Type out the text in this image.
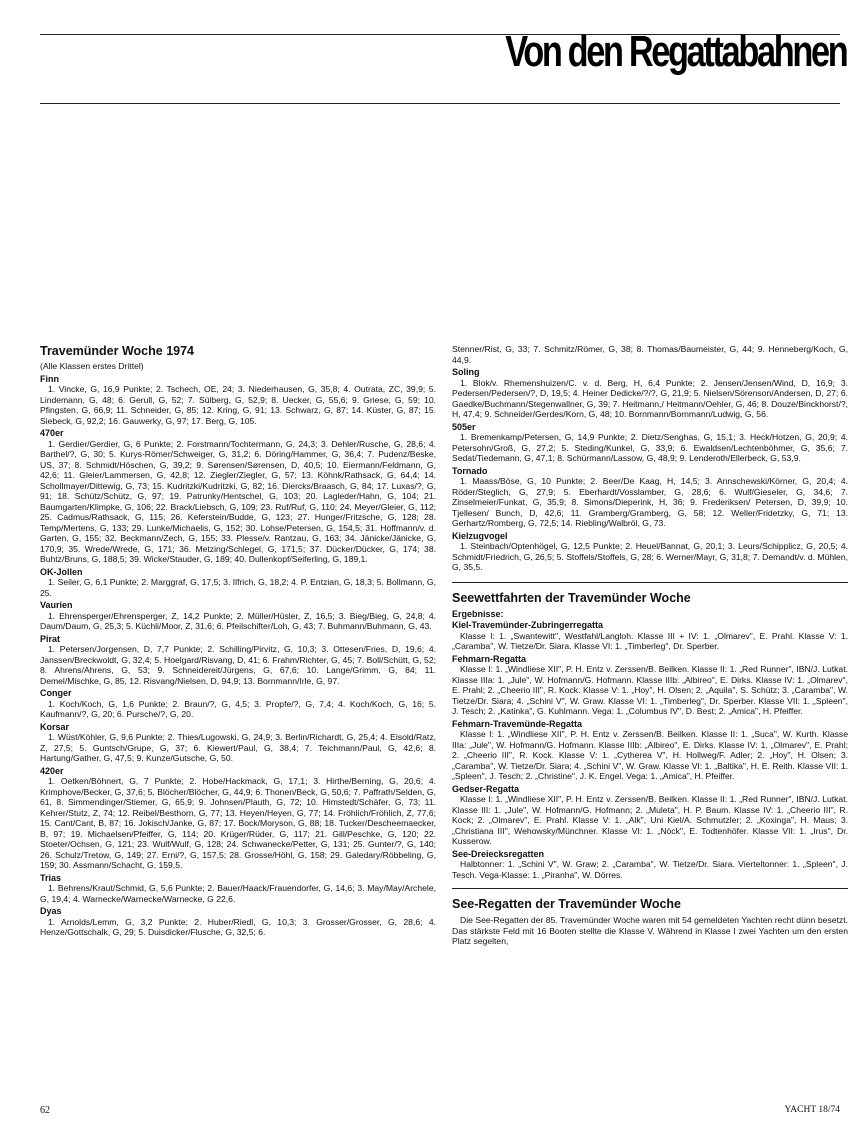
Von den Regattabahnen
Travemünder Woche 1974
(Alle Klassen erstes Drittel)
Finn
1. Vincke, G, 16,9 Punkte; 2. Tschech, OE, 24; 3. Niederhausen, G, 35,8; 4. Outrata, ZC, 39,9; 5. Lindemann, G, 48; 6. Gerull, G, 52; 7. Sülberg, G, 52,9; 8. Uecker, G, 55,6; 9. Griese, G, 59; 10. Pfingsten, G, 66,9; 11. Schneider, G, 85; 12. Kring, G, 91; 13. Schwarz, G, 87; 14. Küster, G, 87; 15. Siebeck, G, 92,2; 16. Gauwerky, G, 97; 17. Berg, G, 105.
470er
1. Gerdier/Gerdier, G, 6 Punkte; 2. Forstmann/Tochtermann, G, 24,3; 3. Dehler/Rusche, G, 28,6; 4. Barthel/?, G, 30; 5. Kurys-Römer/Schweiger, G, 31,2; 6. Döring/Hammer, G, 36,4; 7. Pudenz/Beske, US, 37; 8. Schmidt/Höschen, G, 39,2; 9. Sørensen/Sørensen, D, 40,5; 10. Eiermann/Feldmann, G, 42,6; 11. Gleier/Lammersen, G, 42,8; 12. Ziegler/Ziegler, G, 57; 13. Köhnk/Rathsack, G, 64,4; 14. Schollmayer/Dittewig, G, 73; 15. Kudritzki/Kudritzki, G, 82; 16. Diercks/Braasch, G, 84; 17. Luxas/?, G, 91; 18. Schütz/Schütz, G, 97; 19. Patrunky/Hentschel, G, 103; 20. Lagleder/Hahn, G, 104; 21. Baumgarten/Klimpke, G, 106; 22. Brack/Liebsch, G, 109; 23. Ruf/Ruf, G, 110; 24. Meyer/Gleier, G, 112; 25. Cadmus/Rathsack, G, 115; 26. Keferstein/Budde, G, 123; 27. Hunger/Fritzsche, G, 128; 28. Temp/Mertens, G, 133; 29. Lunke/Michaelis, G, 152; 30. Lohse/Petersen, G, 154,5; 31. Hoffmann/v. d. Garten, G, 155; 32. Beckmann/Zech, G, 155; 33. Plesse/v. Rantzau, G, 163; 34. Jänicke/Jänicke, G, 170,9; 35. Wrede/Wrede, G, 171; 36. Metzing/Schlegel, G, 171,5; 37. Dücker/Dücker, G, 174; 38. Buhtz/Bruns, G, 188,5; 39. Wicke/Stauder, G, 189; 40. Dullenkopf/Seiferling, G, 189,1.
OK-Jollen
1. Seiler, G, 6,1 Punkte; 2. Marggraf, G, 17,5; 3. Ilfrich, G, 18,2; 4. P. Entzian, G, 18,3; 5. Bollmann, G, 25.
Vaurien
1. Ehrensperger/Ehrensperger, Z, 14,2 Punkte; 2. Müller/Hüsler, Z, 16,5; 3. Bieg/Bieg, G, 24,8; 4. Daum/Daum, G, 25,3; 5. Küchli/Moor, Z, 31,6; 6. Pfeilschifter/Loh, G, 43; 7. Buhmann/Buhmann, G, 43.
Pirat
1. Petersen/Jorgensen, D, 7,7 Punkte; 2. Schilling/Pirvitz, G, 10,3; 3. Ottesen/Fries, D, 19,6; 4. Janssen/Breckwoldt, G, 32,4; 5. Hoelgard/Risvang, D, 41; 6. Frahm/Richter, G, 45; 7. Boll/Schütt, G, 52; 8. Ahrens/Ahrens, G, 53; 9. Schneidereit/Jürgens, G, 67,6; 10. Lange/Grimm, G, 84; 11. Demel/Mischke, G, 85, 12. Risvang/Nielsen, D, 94,9; 13. Bornmann/Irle, G, 97.
Conger
1. Koch/Koch, G, 1,6 Punkte; 2. Braun/?, G, 4,5; 3. Propfe/?, G, 7,4; 4. Koch/Koch, G, 16; 5. Kaufmann/?, G, 20; 6. Pursche/?, G, 20.
Korsar
1. Wüst/Köhler, G, 9,6 Punkte; 2. Thies/Lugowski, G, 24,9; 3. Berlin/Richardt, G, 25,4; 4. Eisold/Ratz, Z, 27,5; 5. Guntsch/Grupe, G, 37; 6. Kiewert/Paul, G, 38,4; 7. Teichmann/Paul, G, 42,6; 8. Hartung/Gather, G, 47,5; 9. Kunze/Gutsche, G, 50.
420er
1. Oetken/Böhnert, G, 7 Punkte; 2. Hobe/Hackmack, G, 17,1; 3. Hirthe/Berning, G, 20,6; 4. Krimphove/Becker, G, 37,6; 5. Blöcher/Blöcher, G, 44,9; 6. Thonen/Beck, G, 50,6; 7. Paffrath/Selden, G, 61, 8. Simmendinger/Stiemer, G, 65,9; 9. Johnsen/Plauth, G, 72; 10. Himstedt/Schäfer, G, 73; 11. Kehrer/Stutz, Z, 74; 12. Reibel/Besthorn, G, 77; 13. Heyen/Heyen, G, 77; 14. Fröhlich/Fröhlich, Z, 77,6; 15. Cant/Cant, B, 87; 16. Jokisch/Janke, G, 87; 17. Bock/Moryson, G, 88; 18. Tucker/Descheemaecker, B, 97; 19. Michaelsen/Pfeiffer, G, 114; 20. Krüger/Rüder, G, 117; 21. Gill/Peschke, G, 120; 22. Stoeter/Ochsen, G, 121; 23. Wulf/Wulf, G, 128; 24. Schwanecke/Petter, G, 131; 25. Gunter/?, G, 140; 26. Schulz/Tretow, G, 149; 27. Erni/?, G, 157,5; 28. Grosse/Höhl, G, 158; 29. Galedary/Röbbeling, G, 159; 30. Assmann/Schacht, G, 159,5.
Trias
1. Behrens/Kraut/Schmid, G, 5,6 Punkte; 2. Bauer/Haack/Frauendorfer, G, 14,6; 3. May/May/Archele, G, 19,4; 4. Warnecke/Warnecke/Warnecke, G 22,6.
Dyas
1. Arnolds/Lemm, G, 3,2 Punkte; 2. Huber/Riedl, G, 10,3; 3. Grosser/Grosser, G, 28,6; 4. Henze/Gottschalk, G, 29; 5. Duisdicker/Flusche, G, 32,5; 6.
Stenner/Rist, G, 33; 7. Schmitz/Römer, G, 38; 8. Thomas/Baumeister, G, 44; 9. Henneberg/Koch, G, 44,9.
Soling
1. Blok/v. Rhemenshuizen/C. v. d. Berg, H, 6,4 Punkte; 2. Jensen/Jensen/Wind, D, 16,9; 3. Pedersen/Pedersen/?, D, 19,5; 4. Heiner Dedicke/?/?, G, 21,9; 5. Nielsen/Sörenson/Andersen, D, 27; 6. Gaedke/Buchmann/Stegenwallner, G, 39; 7. Heitmann,/ Heitmann/Oehler, G, 46; 8. Douze/Binckhorst/?, H, 47,4; 9. Schneider/Gerdes/Korn, G, 48; 10. Bornmann/Bornmann/Ludwig, G, 56.
505er
1. Bremenkamp/Petersen, G, 14,9 Punkte; 2. Dietz/Senghas, G, 15,1; 3. Heck/Hotzen, G, 20,9; 4. Petersohn/Groß, G, 27,2; 5. Steding/Kunkel, G, 33,9; 6. Ewaldsen/Lechtenböhmer, G, 35,6; 7. Sedat/Tiedemann, G, 47,1; 8. Schürmann/Lassow, G, 48,9; 9. Lenderoth/Ellerbeck, G, 53,9.
Tornado
1. Maass/Böse, G, 10 Punkte; 2. Beer/De Kaag, H, 14,5; 3. Annschewski/Körner, G, 20,4; 4. Röder/Steglich, G, 27,9; 5. Eberhardt/Vosslamber, G, 28,6; 6. Wulf/Gieseler, G, 34,6; 7. Zinselmeier/Funkat, G, 35,9; 8. Simons/Dieperink, H, 36; 9. Frederiksen/ Petersen, D, 39,9; 10. Tjellesen/ Bunch, D, 42,6; 11. Gramberg/Gramberg, G, 58; 12. Weller/Fridetzky, G, 71; 13. Gerhartz/Romberg, G, 72,5; 14. Riebling/Walbröl, G, 73.
Kielzugvogel
1. Steinbach/Optenhögel, G, 12,5 Punkte; 2. Heuel/Bannat, G, 20,1; 3. Leurs/Schipplicz, G, 20,5; 4. Schmidt/Friedrich, G, 26,5; 5. Stoffels/Stoffels, G, 28; 6. Werner/Mayr, G, 31,8; 7. Demandt/v. d. Mühlen, G, 35,5.
Seewettfahrten der Travemünder Woche
Ergebnisse:
Kiel-Travemünder-Zubringerregatta
Klasse I: 1. „Swantewitt", Westfahl/Langloh. Klasse III + IV: 1. „Olmarev", E. Prahl. Klasse V: 1. „Caramba", W. Tietze/Dr. Siara. Klasse VI: 1. „Timberleg", Dr. Sperber.
Fehmarn-Regatta
Klasse I: 1. „Windliese XII", P. H. Entz v. Zerssen/B. Beilken. Klasse II: 1. „Red Runner", IBN/J. Lutkat. Klasse IIIa: 1. „Jule", W. Hofmann/G. Hofmann. Klasse IIIb: „Albireo", E. Dirks. Klasse IV: 1. „Olmarev", E. Prahl; 2. „Cheerio III", R. Kock. Klasse V: 1. „Hoy", H. Olsen; 2. „Aquila", S. Schütz; 3. „Caramba", W. Tietze/Dr. Siara; 4. „Schini V", W. Graw. Klasse VI: 1. „Timberleg", Dr. Sperber. Klasse VII: 1. „Spleen", J. Tesch; 2. „Katinka", G. Kuhlmann. Vega: 1. „Columbus IV", D. Best; 2. „Amica", H. Pfeiffer.
Fehmarn-Travemünde-Regatta
Klasse I: 1. „Windliese XII", P. H. Entz v. Zerssen/B. Beilken. Klasse II: 1. „Suca", W. Kurth. Klasse IIIa: „Jule", W. Hofmann/G. Hofmann. Klasse IIIb: „Albireo", E. Dirks. Klasse IV: 1. „Olmarev", E. Prahl; 2. „Cheerio III", R. Kock. Klasse V: 1. „Cytherea V", H. Hollweg/F. Adler; 2. „Hoy", H. Olsen; 3. „Caramba", W. Tietze/Dr. Siara; 4. „Schini V", W. Graw. Klasse VI: 1. „Baltika", H. E. Reith. Klasse VII: 1. „Spleen", J. Tesch; 2. „Christine", J. K. Engel. Vega: 1. „Amica", H. Pfeiffer.
Gedser-Regatta
Klasse I: 1. „Windliese XII", P. H. Entz v. Zerssen/B. Beilken. Klasse II: 1. „Red Runner", IBN/J. Lutkat. Klasse III: 1. „Jule", W. Hofmann/G. Hofmann; 2. „Muleta", H. P. Baum. Klasse IV: 1. „Cheerio III", R. Kock; 2. „Olmarev", E. Prahl. Klasse V: 1. „Alk", Uni Kiel/A. Schmutzler; 2. „Koxinga", H. Maus; 3. „Christiana III", Wehowsky/Münchner. Klasse VI: 1. „Nöck", E. Todtenhöfer. Klasse VII: 1. „Irus", Dr. Kusserow.
See-Dreiecksregatten
Halbtonner: 1. „Schini V", W. Graw; 2. „Caramba", W. Tietze/Dr. Siara. Vierteltonner: 1. „Spleen", J. Tesch. Vega-Klasse: 1. „Piranha", W. Dörres.
See-Regatten der Travemünder Woche
Die See-Regatten der 85. Travemünder Woche waren mit 54 gemeldeten Yachten recht dünn besetzt. Das stärkste Feld mit 16 Booten stellte die Klasse V. Während in Klasse I zwei Yachten um den ersten Platz segelten,
62	YACHT 18/74
